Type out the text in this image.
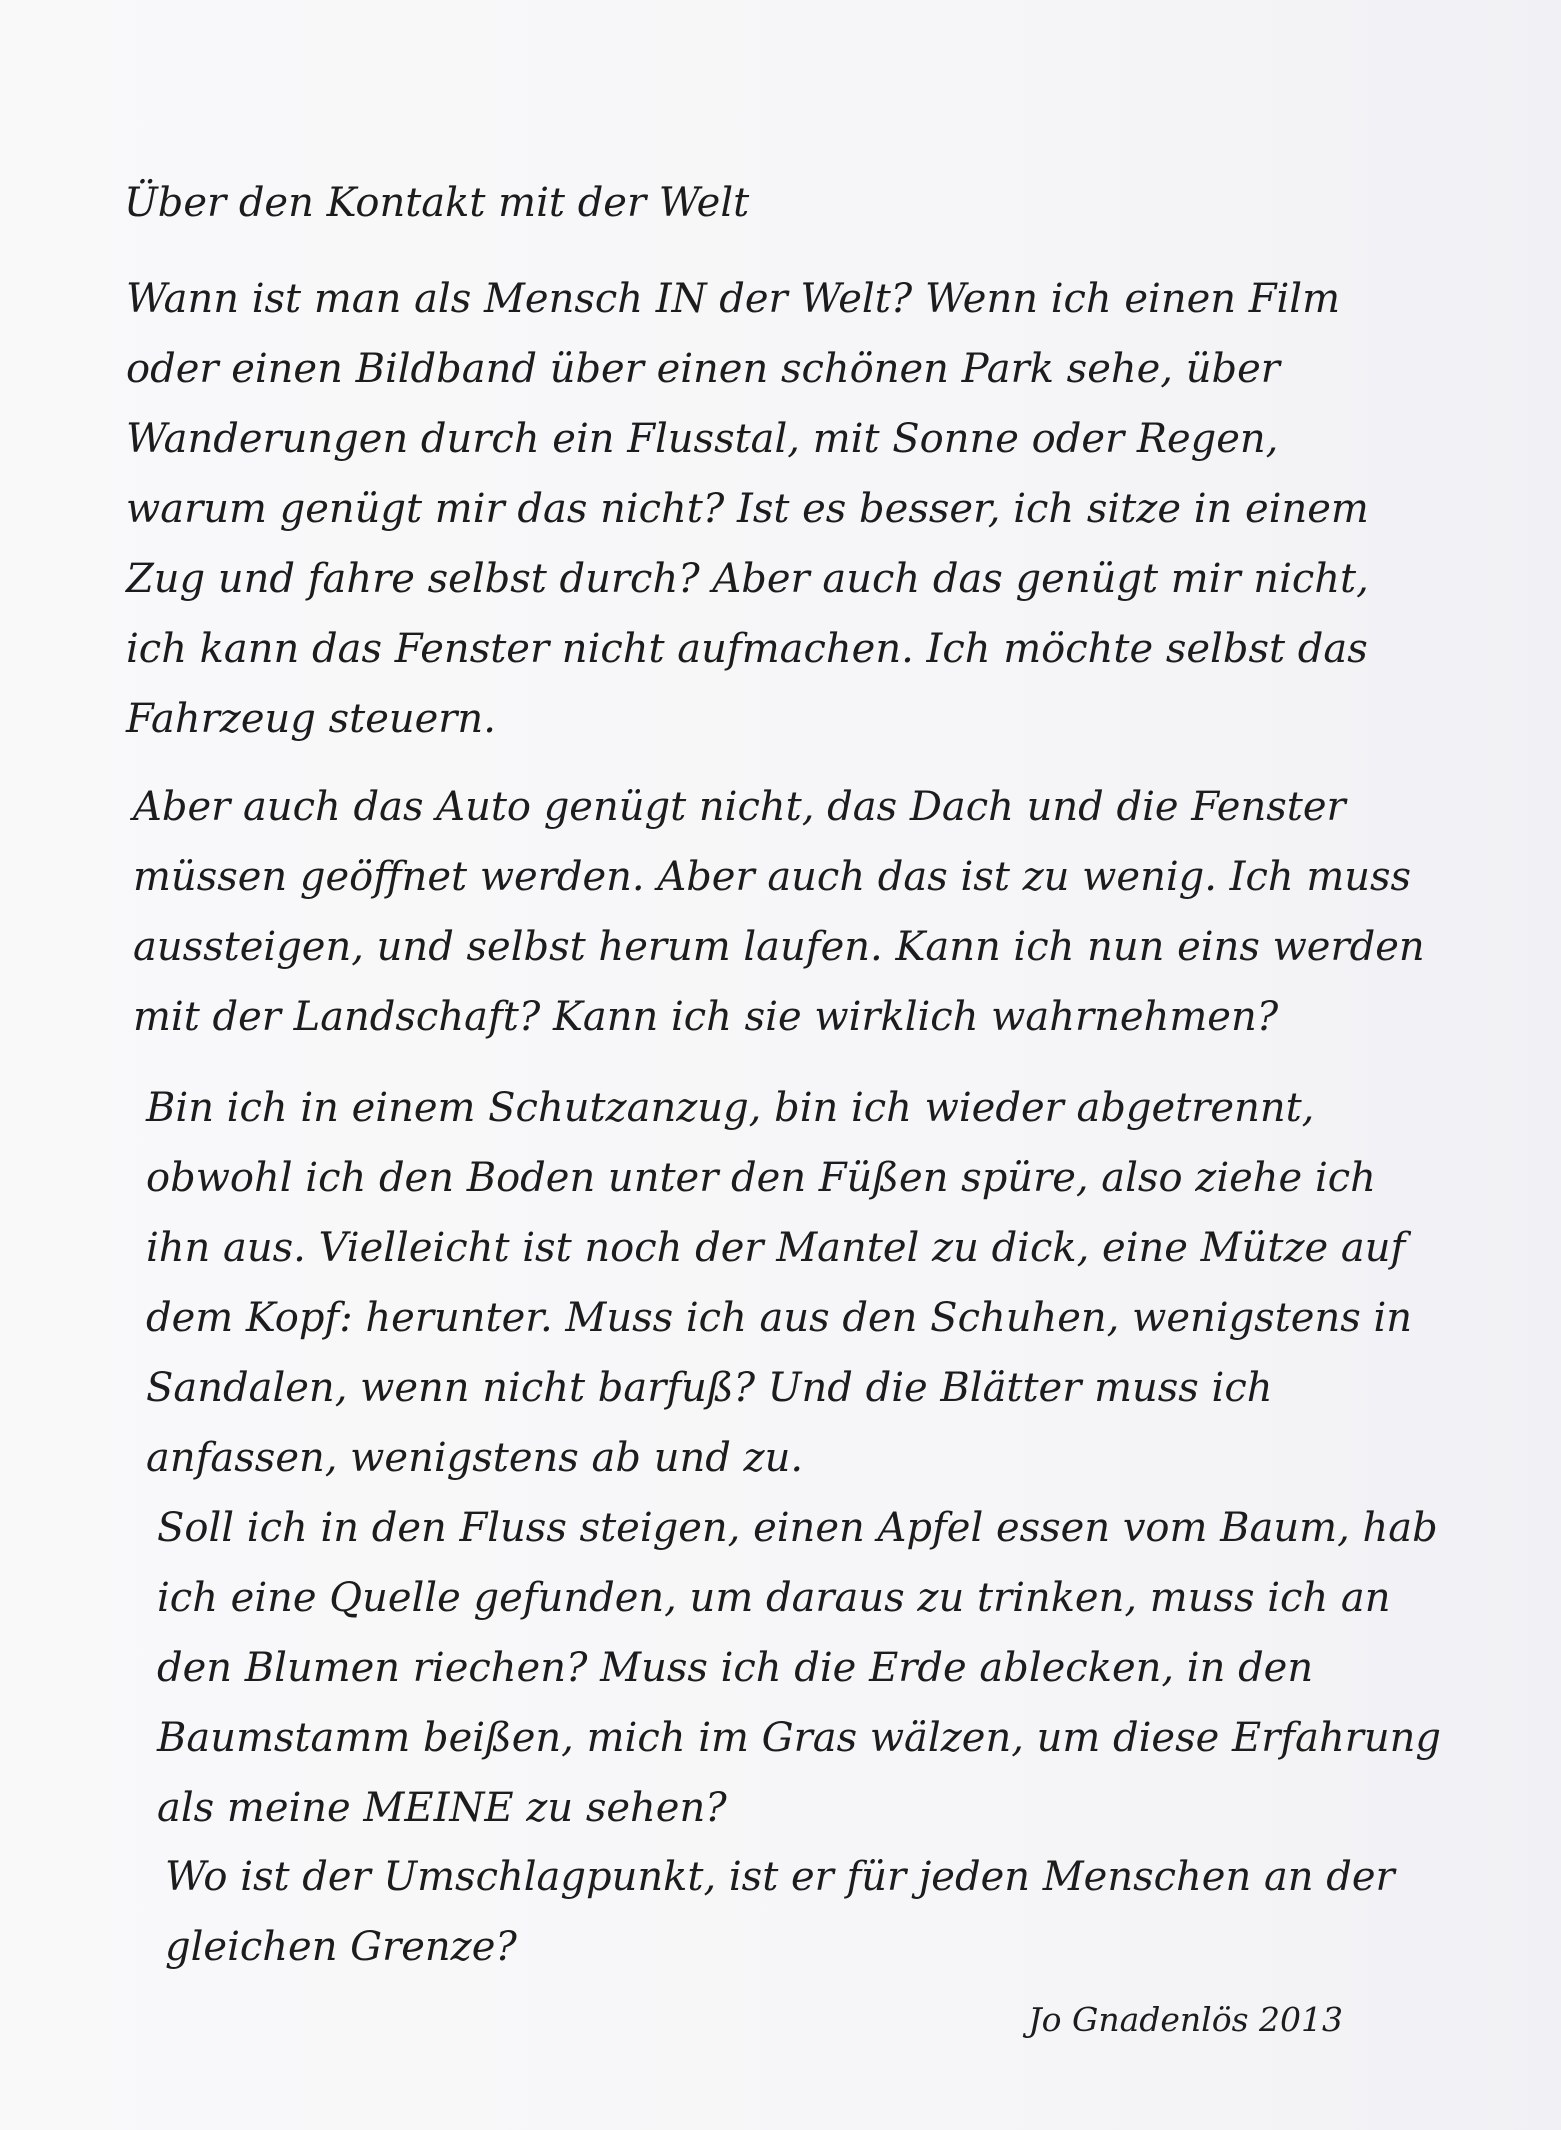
Über den Kontakt mit der Welt

Wann ist man als Mensch IN der Welt? Wenn ich einen Film
oder einen Bildband über einen schönen Park sehe, über
Wanderungen durch ein Flusstal, mit Sonne oder Regen,
warum genügt mir das nicht? Ist es besser, ich sitze in einem
Zug und fahre selbst durch? Aber auch das genügt mir nicht,
ich kann das Fenster nicht aufmachen. Ich möchte selbst das
Fahrzeug steuern.

Aber auch das Auto genügt nicht, das Dach und die Fenster
müssen geöffnet werden. Aber auch das ist zu wenig. Ich muss
aussteigen, und selbst herum laufen. Kann ich nun eins werden
mit der Landschaft? Kann ich sie wirklich wahrnehmen?

Bin ich in einem Schutzanzug, bin ich wieder abgetrennt,
obwohl ich den Boden unter den Füßen spüre, also ziehe ich
ihn aus. Vielleicht ist noch der Mantel zu dick, eine Mütze auf
dem Kopf: herunter. Muss ich aus den Schuhen, wenigstens in
Sandalen, wenn nicht barfuß? Und die Blätter muss ich
anfassen, wenigstens ab und zu.

Soll ich in den Fluss steigen, einen Apfel essen vom Baum, hab
ich eine Quelle gefunden, um daraus zu trinken, muss ich an
den Blumen riechen? Muss ich die Erde ablecken, in den
Baumstamm beißen, mich im Gras wälzen, um diese Erfahrung
als meine MEINE zu sehen?

Wo ist der Umschlagpunkt, ist er für jeden Menschen an der
gleichen Grenze?

Jo Gnadenlös 2013
